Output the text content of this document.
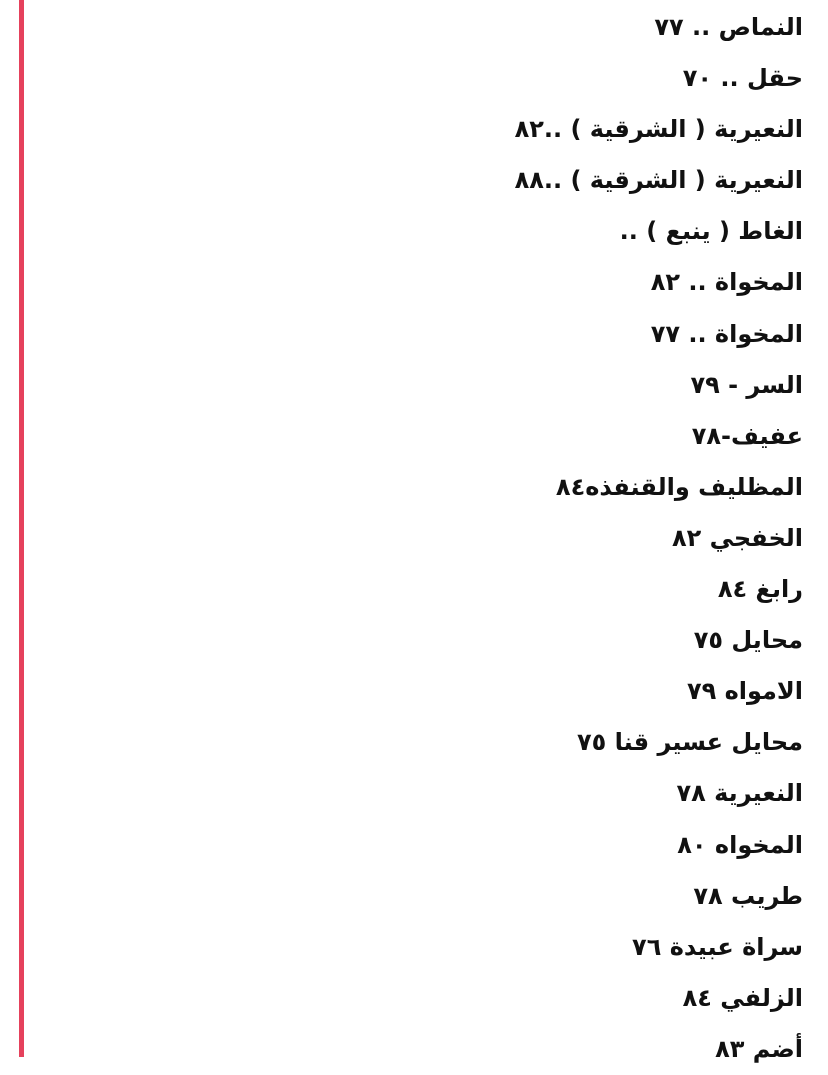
النماص .. ٧٧
حقل .. ٧٠
النعيرية ( الشرقية ) ..٨٢
النعيرية ( الشرقية ) ..٨٨
الغاط ( ينبع ) ..
المخواة .. ٨٢
المخواة .. ٧٧
السر - ٧٩
عفيف-٧٨
المظليف والقنفذه٨٤
الخفجي ٨٢
رابغ ٨٤
محايل ٧٥
الامواه ٧٩
محايل عسير قنا ٧٥
النعيرية ٧٨
المخواه ٨٠
طريب ٧٨
سراة عبيدة ٧٦
الزلفي ٨٤
أضم ٨٣
